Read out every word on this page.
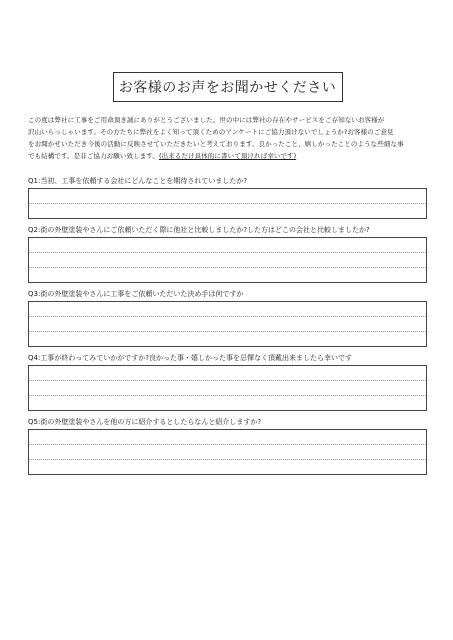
お客様のお声をお聞かせください
この度は弊社に工事をご用命頂き誠にありがとうございました。世の中には弊社の存在やサービスをご存知ないお客様が
沢山いらっしゃいます。その方たちに弊社をよく知って頂くためのアンケートにご協力頂けないでしょうか?お客様のご意見
をお聞かせいただき今後の活動に反映させていただきたいと考えております。良かったこと、嬉しかったことのような些細な事
でも結構です。是非ご協力お願い致します。(出来るだけ具体的に書いて頂ければ幸いです)
Q1:当初、工事を依頼する会社にどんなことを期待されていましたか?
Q2:街の外壁塗装やさんにご依頼いただく際に他社と比較しましたか?した方はどこの会社と比較しましたか?
Q3:街の外壁塗装やさんに工事をご依頼いただいた決め手は何ですか
Q4:工事が終わってみていかがですか?良かった事・嬉しかった事を忌憚なく頂戴出来ましたら幸いです
Q5:街の外壁塗装やさんを他の方に紹介するとしたらなんと紹介しますか?
